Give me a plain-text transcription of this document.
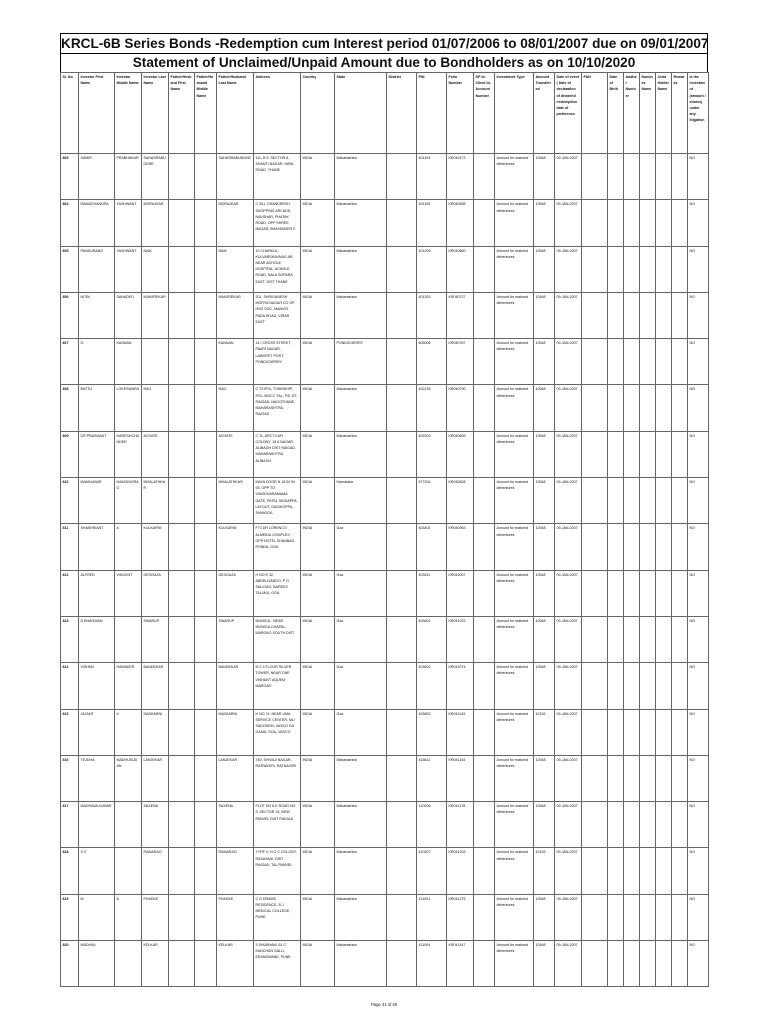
KRCL-6B Series Bonds -Redemption cum Interest period 01/07/2006 to 08/01/2007 due on 09/01/2007
Statement of Unclaimed/Unpaid Amount due to Bondholders as on 10/10/2020
Sl. No.	Investor First Name	Investor Middle Name	Investor Last Name	Father/Husband First Name	Father/Husband Middle Name	Father/Husband Last Name	Address	Country	State	District	PIN	Folio Number	DP Id-Client Id-Account Number	Investment Type	Amount Transferred	Date of event ( Date of declaration of dividend /redemption date of preference	PAN	Date of Birth	Aadhar Number	Nominee Name	Joint Holder Name	Remarks	Is the investment (amount / shares) under any litigation
803	SAMIR	PRABHAKAR	SAHASRABUDDHE			SAHASRABUDDHE	111, B 9, SECTOR 6, SHANTI NAGAR, MIRA ROAD, THANE	INDIA	Maharashtra		401104	KR040173		Amount for matured debentures	10548	09-JAN-2007							NO
804	RAMACHANDRA	YASHWANT	MORAJKAR			MORAJKAR	C 301, CHANDRESH SHOPPING ARCADE, NAVGHAR, PHATAK ROAD, OPP SHREE NAGAR, BHAYANDER E	INDIA	Maharashtra		401105	KR040585		Amount for matured debentures	10548	09-JAN-2007							NO
805	PANDURANG	YASHWANT	NAIK			NAIK	10 CHARKUL, KULVARSHAVNAG AR, NEAR ACHOLE HOSPITAL, ACHOLE ROAD, NALA SOPARA EAST, DIST THANE	INDIA	Maharashtra		401209	KR040660		Amount for matured debentures	10548	09-JAN-2007							NO
806	NITIN	SAHADEO	MANJREKAR			MANJREKAR	201, SHRIGANESH MORYA NAGAR CO OP HSG SOC, MANVEL PADA ROAD, VIRAR EAST	INDIA	Maharashtra		401303	KR040727		Amount for matured debentures	10548	09-JAN-2007							NO
807	G	KANNAN				KANNAN	14 I CROSS STREET, PAARI NAGAR, LAWSPET POST, PONDICHERRY	INDIA	PONDICHERRY		605008	KR040787		Amount for matured debentures	10548	09-JAN-2007							NO
808	BATTU	LOKESWARA	RAO			RAO	C 73 IPCL TOWNSHIP, IPCL MGCC TAL, P.B. DT, RAIGAD, NAGOTHANE, MAHARASHTRA, RAIGAD	INDIA	Maharashtra		402125	KR040790		Amount for matured debentures	10548	09-JAN-2007							NO
809	DR PRASHANT	HARESHCHANDER	ACHATE			ACHATE	C 11, ARCT KUR COLONY, 16 A NAGAR, ALIBAGH DIST RAIGAD, MAHARASHTRA, ALIBAGH	INDIA	Maharashtra		402209	KR040809		Amount for matured debentures	10548	09-JAN-2007							NO
810	MANKUMAR	MANGINGRAO	MHALATHKAR			MHALATHKAR	MAYA DOOR N 18 BI 94 93, OPP TO VINODHARAMAMA GATE, PATEL SIDDAPPA LAYOUT, GADIKOPPA, SHIMOGA	INDIA	Karnataka		577204	KR040828		Amount for matured debentures	10548	09-JAN-2007							NO
811	SHASHIKANT	A	KULKARNI			KULKARNI	F73 DR LORENCO ALMEIDA COMPLEX, OPP HOTEL SHANBAG, PONDA, GOA	INDIA	Goa		403401	KR040963		Amount for matured debentures	10548	09-JAN-2007							NO
812	ALFRED	VINCENT	DESOUZA			DESOUZA	H NO E 32, ABRELIVADDO, P O SALIGAO, BARDEZ TALUKA, GOA	INDIA	Goa		403511	KR041007		Amount for matured debentures	10548	09-JAN-2007							NO
813	D BHAGWAN		SWARUP			SWARUP	MUNGUL, NEAR MUNGULCHAPAL, MARGAO SOUTH DIST	INDIA	Goa		403601	KR041023		Amount for matured debentures	10548	09-JAN-2007							NO
814	VISHNU	RAMAKER	BANDEKAR			BANDEKAR	M 2 II FLOOR SILVER TOWER, NEAR ONE VISHANT AQUEM MARGAO	INDIA	Goa		403601	KR041074		Amount for matured debentures	10548	09-JAN-2007							NO
815	JAYANT	V	NADKARNI			NADKARNI	H NO 74, NEAR UMA SERVICE CENTER, MU SADODEM, VASCO DA GAMA, GOA, VASCO	INDIA	Goa		403802	KR041149		Amount for matured debentures	42192	09-JAN-2007							NO
816	TEJDHA	MADHUSUDAN	LANJEKAR			LANJEKAR	740, SHIVAJI NAGAR, RATNAGIRI, RATNAGIRI	INDIA	Maharashtra		415612	KR041154		Amount for matured debentures	10548	09-JAN-2007							NO
817	MADHAVA KUMAR		SAXENA			SAXENA	PLOT NO 6 E ROAD NO 9, SECTOR 19, NEW PANVEL DIST RAIGAD	INDIA	Maharashtra		410206	KR041178		Amount for matured debentures	10548	09-JAN-2007							NO
818	S V		RAMARAO			RAMARAO	TYPE V, H O C COLONY, RASAYANI, DIST RAIGAD, TAL PANVEL	INDIA	Maharashtra		410207	KR041202		Amount for matured debentures	42192	09-JAN-2007							NO
819	M	A	PHADKE			PHADKE	C O DRAMS RESIDENCE, B J MEDICAL COLLEGE, PUNE	INDIA	Maharashtra		411001	KR041275		Amount for matured debentures	10548	09-JAN-2007							NO
820	MADHAV		KELKAR			KELKAR	3 SHUBHAM, 61 C KANCHAN GALLI, ERANDWANE, PUNE	INDIA	Maharashtra		411004	KR041447		Amount for matured debentures	10548	09-JAN-2007							NO
Page 41 of 45
